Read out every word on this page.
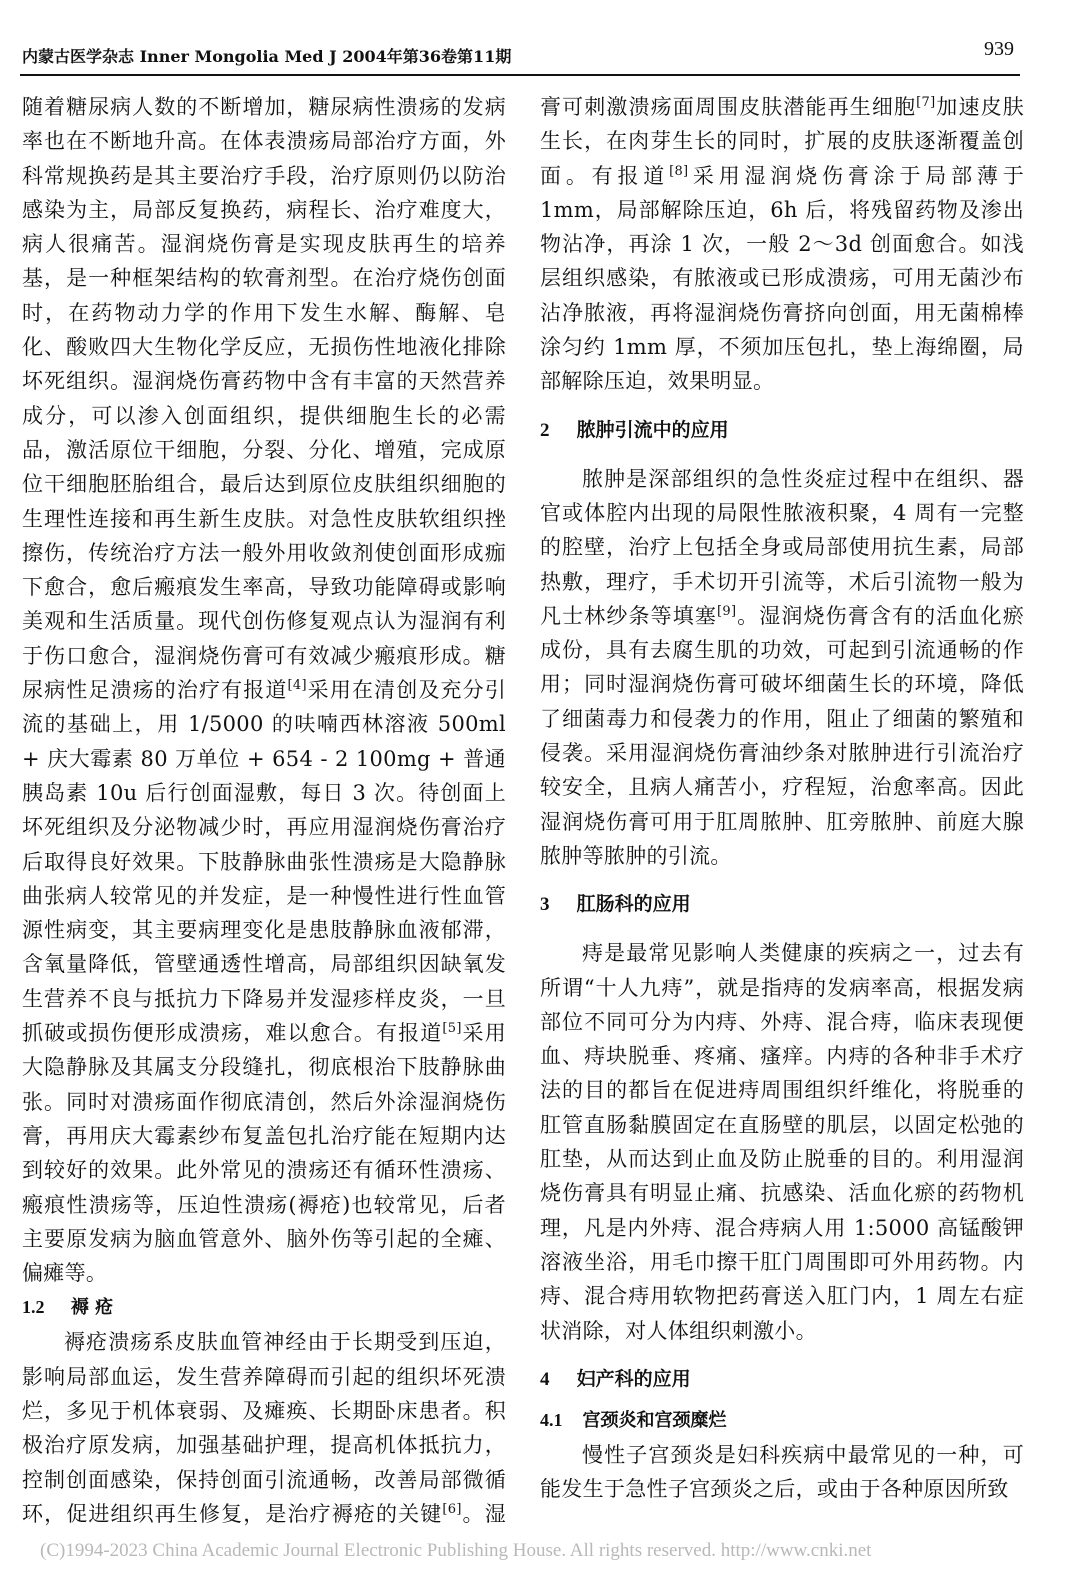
内蒙古医学杂志 Inner Mongolia Med J 2004年第36卷第11期	939

随着糖尿病人数的不断增加，糖尿病性溃疡的发病率也在不断地升高。在体表溃疡局部治疗方面，外科常规换药是其主要治疗手段，治疗原则仍以防治感染为主，局部反复换药，病程长、治疗难度大，病人很痛苦。湿润烧伤膏是实现皮肤再生的培养基，是一种框架结构的软膏剂型。在治疗烧伤创面时，在药物动力学的作用下发生水解、酶解、皂化、酸败四大生物化学反应，无损伤性地液化排除坏死组织。湿润烧伤膏药物中含有丰富的天然营养成分，可以渗入创面组织，提供细胞生长的必需品，激活原位干细胞，分裂、分化、增殖，完成原位干细胞胚胎组合，最后达到原位皮肤组织细胞的生理性连接和再生新生皮肤。对急性皮肤软组织挫擦伤，传统治疗方法一般外用收敛剂使创面形成痂下愈合，愈后瘢痕发生率高，导致功能障碍或影响美观和生活质量。现代创伤修复观点认为湿润有利于伤口愈合，湿润烧伤膏可有效减少瘢痕形成。糖尿病性足溃疡的治疗有报道[4]采用在清创及充分引流的基础上，用 1/5000 的呋喃西林溶液 500ml + 庆大霉素 80 万单位 + 654 - 2 100mg + 普通胰岛素 10u 后行创面湿敷，每日 3 次。待创面上坏死组织及分泌物减少时，再应用湿润烧伤膏治疗后取得良好效果。下肢静脉曲张性溃疡是大隐静脉曲张病人较常见的并发症，是一种慢性进行性血管源性病变，其主要病理变化是患肢静脉血液郁滞，含氧量降低，管壁通透性增高，局部组织因缺氧发生营养不良与抵抗力下降易并发湿疹样皮炎，一旦抓破或损伤便形成溃疡，难以愈合。有报道[5]采用大隐静脉及其属支分段缝扎，彻底根治下肢静脉曲张。同时对溃疡面作彻底清创，然后外涂湿润烧伤膏，再用庆大霉素纱布复盖包扎治疗能在短期内达到较好的效果。此外常见的溃疡还有循环性溃疡、瘢痕性溃疡等，压迫性溃疡(褥疮)也较常见，后者主要原发病为脑血管意外、脑外伤等引起的全瘫、偏瘫等。

1.2 褥 疮

褥疮溃疡系皮肤血管神经由于长期受到压迫，影响局部血运，发生营养障碍而引起的组织坏死溃烂，多见于机体衰弱、及瘫痪、长期卧床患者。积极治疗原发病，加强基础护理，提高机体抵抗力，控制创面感染，保持创面引流通畅，改善局部微循环，促进组织再生修复，是治疗褥疮的关键[6]。湿

膏可刺激溃疡面周围皮肤潜能再生细胞[7]加速皮肤生长，在肉芽生长的同时，扩展的皮肤逐渐覆盖创面。有报道[8]采用湿润烧伤膏涂于局部薄于 1mm，局部解除压迫，6h 后，将残留药物及渗出物沾净，再涂 1 次，一般 2～3d 创面愈合。如浅层组织感染，有脓液或已形成溃疡，可用无菌沙布沾净脓液，再将湿润烧伤膏挤向创面，用无菌棉棒涂匀约 1mm 厚，不须加压包扎，垫上海绵圈，局部解除压迫，效果明显。

2 脓肿引流中的应用

脓肿是深部组织的急性炎症过程中在组织、器官或体腔内出现的局限性脓液积聚，4 周有一完整的腔壁，治疗上包括全身或局部使用抗生素，局部热敷，理疗，手术切开引流等，术后引流物一般为凡士林纱条等填塞[9]。湿润烧伤膏含有的活血化瘀成份，具有去腐生肌的功效，可起到引流通畅的作用；同时湿润烧伤膏可破坏细菌生长的环境，降低了细菌毒力和侵袭力的作用，阻止了细菌的繁殖和侵袭。采用湿润烧伤膏油纱条对脓肿进行引流治疗较安全，且病人痛苦小，疗程短，治愈率高。因此湿润烧伤膏可用于肛周脓肿、肛旁脓肿、前庭大腺脓肿等脓肿的引流。

3 肛肠科的应用

痔是最常见影响人类健康的疾病之一，过去有所谓“十人九痔”，就是指痔的发病率高，根据发病部位不同可分为内痔、外痔、混合痔，临床表现便血、痔块脱垂、疼痛、瘙痒。内痔的各种非手术疗法的目的都旨在促进痔周围组织纤维化，将脱垂的肛管直肠黏膜固定在直肠壁的肌层，以固定松弛的肛垫，从而达到止血及防止脱垂的目的。利用湿润烧伤膏具有明显止痛、抗感染、活血化瘀的药物机理，凡是内外痔、混合痔病人用 1:5000 高锰酸钾溶液坐浴，用毛巾擦干肛门周围即可外用药物。内痔、混合痔用软物把药膏送入肛门内，1 周左右症状消除，对人体组织刺激小。

4 妇产科的应用
4.1 宫颈炎和宫颈糜烂

慢性子宫颈炎是妇科疾病中最常见的一种，可能发生于急性子宫颈炎之后，或由于各种原因所致

(C)1994-2023 China Academic Journal Electronic Publishing House. All rights reserved. http://www.cnki.net
